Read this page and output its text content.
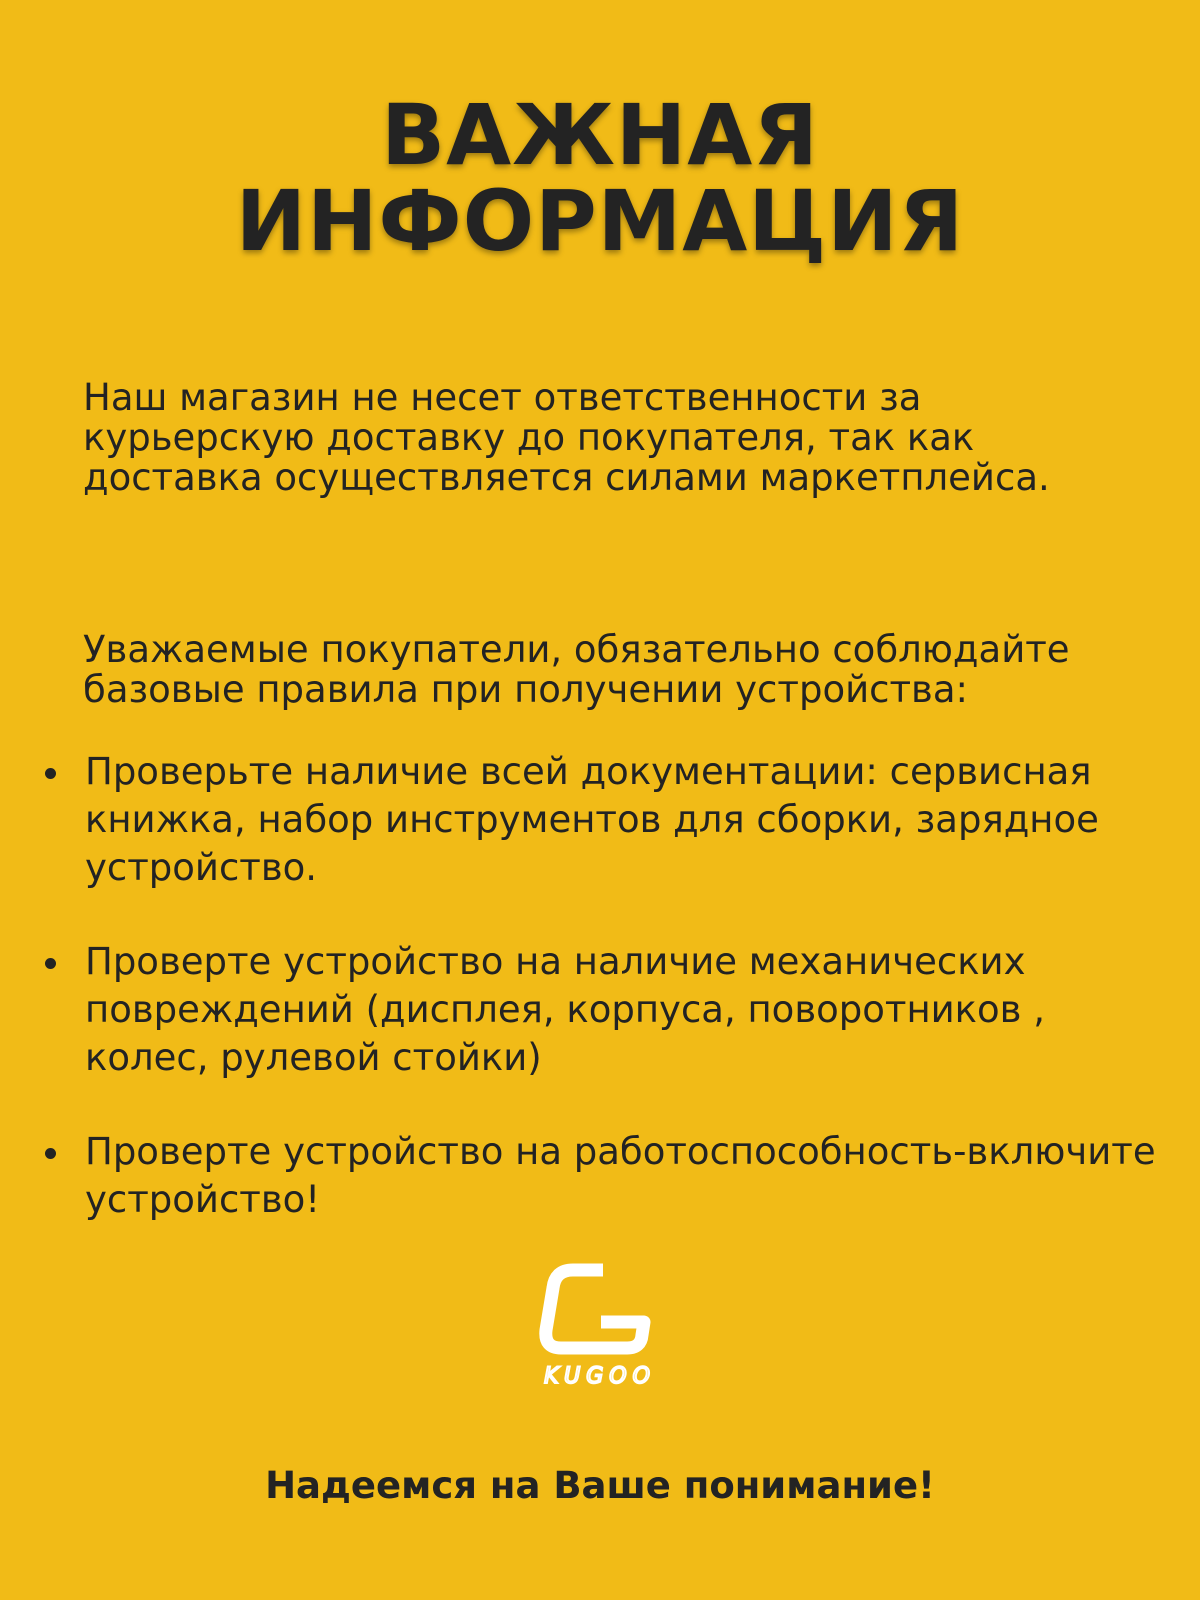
ВАЖНАЯ
ИНФОРМАЦИЯ

Наш магазин не несет ответственности за
курьерскую доставку до покупателя, так как
доставка осуществляется силами маркетплейса.

Уважаемые покупатели, обязательно соблюдайте
базовые правила при получении устройства:

Проверьте наличие всей документации: сервисная
книжка, набор инструментов для сборки, зарядное
устройство.
Проверте устройство на наличие механических
повреждений (дисплея, корпуса, поворотников ,
колес, рулевой стойки)
Проверте устройство на работоспособность-включите
устройство!
KUGOO

Надеемся на Ваше понимание!
